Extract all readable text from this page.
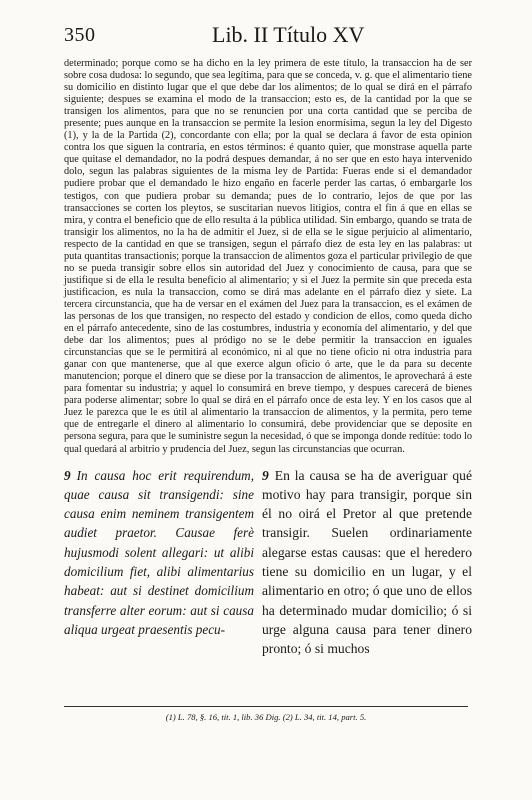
350	Lib. II Título XV

determinado; porque como se ha dicho en la ley primera de este título, la transaccion ha de ser sobre cosa dudosa: lo segundo, que sea legítima, para que se conceda, v. g. que el alimentario tiene su domicilio en distinto lugar que el que debe dar los alimentos; de lo qual se dirá en el párrafo siguiente; despues se examina el modo de la transaccion; esto es, de la cantidad por la que se transigen los alimentos, para que no se renuncien por una corta cantidad que se perciba de presente; pues aunque en la transaccion se permite la lesion enormísima, segun la ley del Digesto (1), y la de la Partida (2), concordante con ella; por la qual se declara á favor de esta opinion contra los que siguen la contraria, en estos términos: é quanto quier, que monstrase aquella parte que quitase el demandador, no la podrá despues demandar, á no ser que en esto haya intervenido dolo, segun las palabras siguientes de la misma ley de Partida: Fueras ende si el demandador pudiere probar que el demandado le hizo engaño en facerle perder las cartas, ó embargarle los testigos, con que pudiera probar su demanda; pues de lo contrario, lejos de que por las transacciones se corten los pleytos, se suscitarian nuevos litigios, contra el fin á que en ellas se mira, y contra el beneficio que de ello resulta á la pública utilidad. Sin embargo, quando se trata de transigir los alimentos, no la ha de admitir el Juez, si de ella se le sigue perjuicio al alimentario, respecto de la cantidad en que se transigen, segun el párrafo diez de esta ley en las palabras: ut puta quantitas transactionis; porque la transaccion de alimentos goza el particular privilegio de que no se pueda transigir sobre ellos sin autoridad del Juez y conocimiento de causa, para que se justifique si de ella le resulta beneficio al alimentario; y si el Juez la permite sin que preceda esta justificacion, es nula la transaccion, como se dirá mas adelante en el párrafo diez y siete. La tercera circunstancia, que ha de versar en el exámen del Juez para la transaccion, es el exámen de las personas de los que transigen, no respecto del estado y condicion de ellos, como queda dicho en el párrafo antecedente, sino de las costumbres, industria y economía del alimentario, y del que debe dar los alimentos; pues al pródigo no se le debe permitir la transaccion en iguales circunstancias que se le permitirá al económico, ni al que no tiene oficio ni otra industria para ganar con que mantenerse, que al que exerce algun oficio ó arte, que le da para su decente manutencion; porque el dinero que se diese por la transaccion de alimentos, le aprovechará á este para fomentar su industria; y aquel lo consumirá en breve tiempo, y despues carecerá de bienes para poderse alimentar; sobre lo qual se dirá en el párrafo once de esta ley. Y en los casos que al Juez le parezca que le es útil al alimentario la transaccion de alimentos, y la permita, pero teme que de entregarle el dinero al alimentario lo consumirá, debe providenciar que se deposite en persona segura, para que le suministre segun la necesidad, ó que se imponga donde redítúe: todo lo qual quedará al arbitrio y prudencia del Juez, segun las circunstancias que ocurran.

9 In causa hoc erit requirendum, quae causa sit transigendi: sine causa enim neminem transigentem audiet praetor. Causae ferè hujusmodi solent allegari: ut alibi domicilium fiet, alibi alimentarius habeat: aut si destinet domicilium transferre alter eorum: aut si causa aliqua urgeat praesentis pecu-
9 En la causa se ha de averiguar qué motivo hay para transigir, porque sin él no oirá el Pretor al que pretende transigir. Suelen ordinariamente alegarse estas causas: que el heredero tiene su domicilio en un lugar, y el alimentario en otro; ó que uno de ellos ha determinado mudar domicilio; ó si urge alguna causa para tener dinero pronto; ó si muchos
(1) L. 78, §. 16, tit. 1, lib. 36 Dig. (2) L. 34, tit. 14, part. 5.
